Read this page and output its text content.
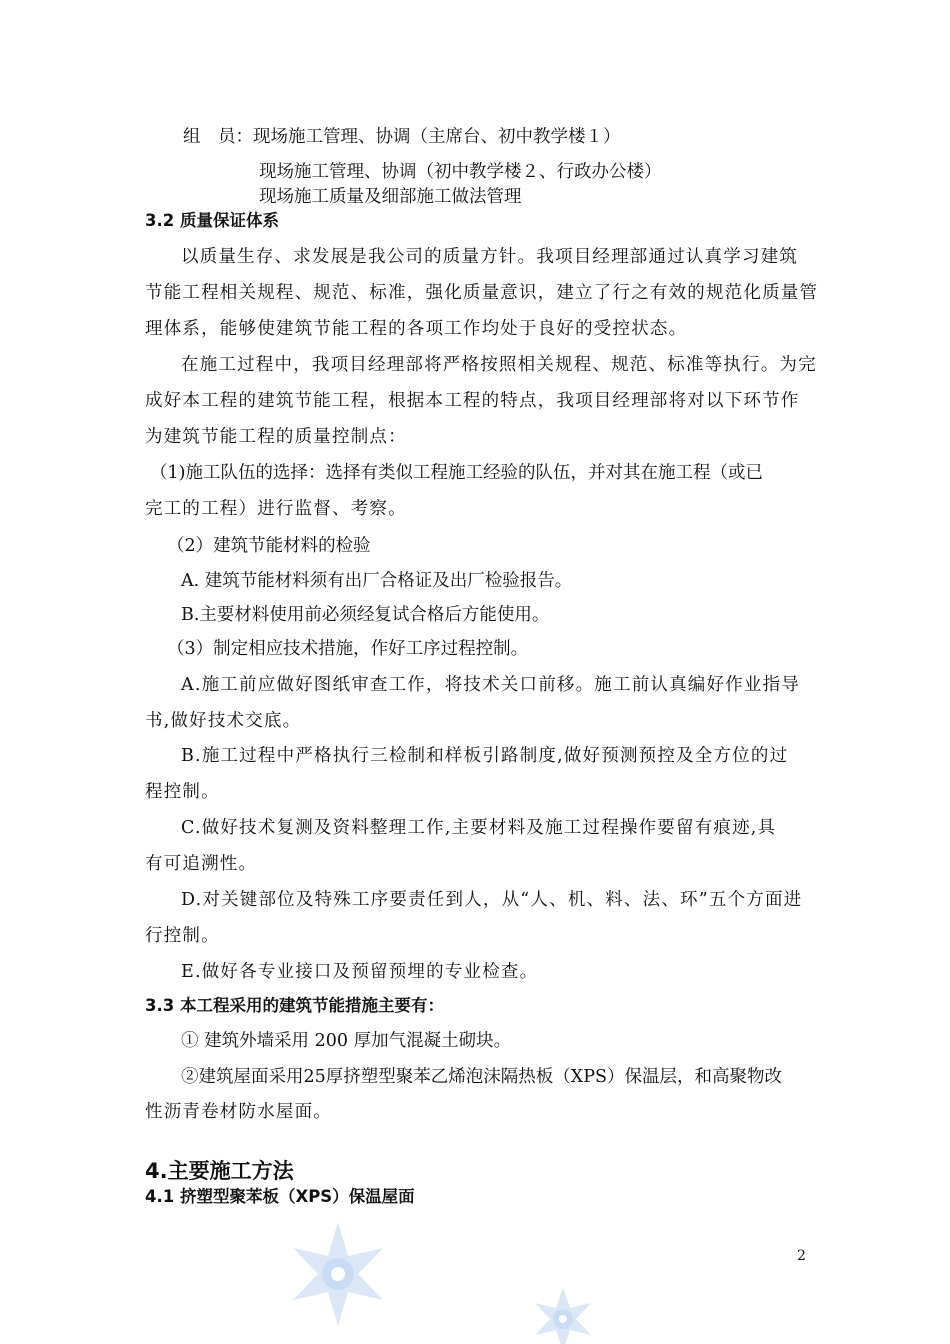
组　员：现场施工管理、协调（主席台、初中教学楼１）
现场施工管理、协调（初中教学楼２、行政办公楼）
现场施工质量及细部施工做法管理
3.2 质量保证体系
以质量生存、求发展是我公司的质量方针。我项目经理部通过认真学习建筑
节能工程相关规程、规范、标准，强化质量意识，建立了行之有效的规范化质量管
理体系，能够使建筑节能工程的各项工作均处于良好的受控状态。
在施工过程中，我项目经理部将严格按照相关规程、规范、标准等执行。为完
成好本工程的建筑节能工程，根据本工程的特点，我项目经理部将对以下环节作
为建筑节能工程的质量控制点：
（1)施工队伍的选择：选择有类似工程施工经验的队伍，并对其在施工程（或已
完工的工程）进行监督、考察。
（2）建筑节能材料的检验
A. 建筑节能材料须有出厂合格证及出厂检验报告。
B.主要材料使用前必须经复试合格后方能使用。
（3）制定相应技术措施，作好工序过程控制。
A.施工前应做好图纸审查工作，将技术关口前移。施工前认真编好作业指导
书,做好技术交底。
B.施工过程中严格执行三检制和样板引路制度,做好预测预控及全方位的过
程控制。
C.做好技术复测及资料整理工作,主要材料及施工过程操作要留有痕迹,具
有可追溯性。
D.对关键部位及特殊工序要责任到人，从“人、机、料、法、环”五个方面进
行控制。
E.做好各专业接口及预留预埋的专业检查。
3.3 本工程采用的建筑节能措施主要有：
① 建筑外墙采用 200 厚加气混凝土砌块。
②建筑屋面采用25厚挤塑型聚苯乙烯泡沫隔热板（XPS）保温层，和高聚物改
性沥青卷材防水屋面。
4.主要施工方法
4.1 挤塑型聚苯板（XPS）保温屋面
2
